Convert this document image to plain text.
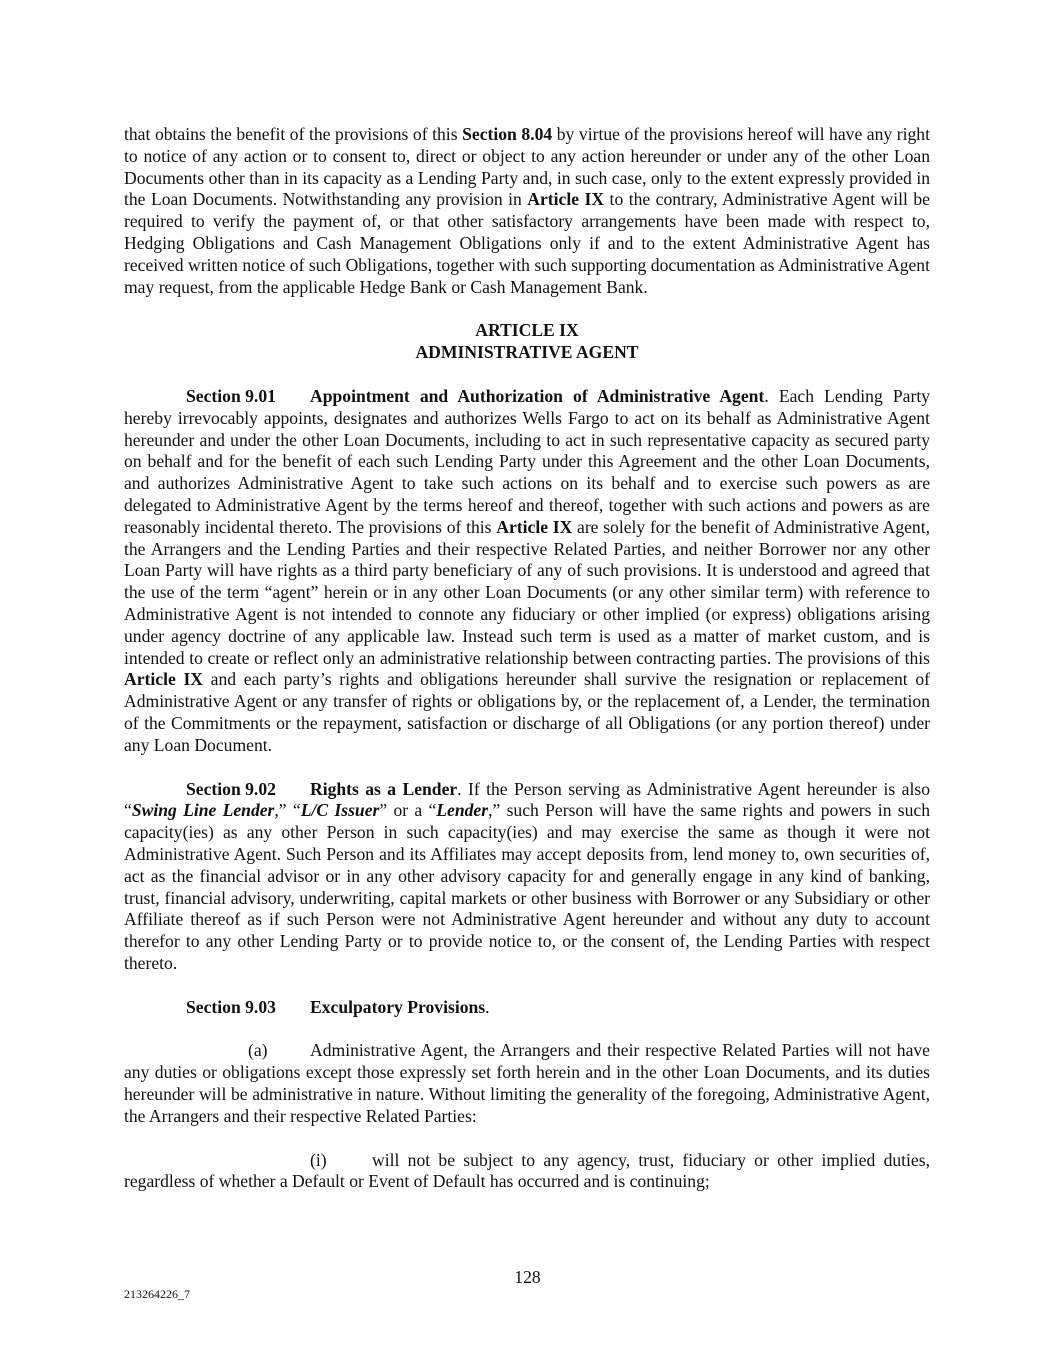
that obtains the benefit of the provisions of this Section 8.04 by virtue of the provisions hereof will have any right to notice of any action or to consent to, direct or object to any action hereunder or under any of the other Loan Documents other than in its capacity as a Lending Party and, in such case, only to the extent expressly provided in the Loan Documents. Notwithstanding any provision in Article IX to the contrary, Administrative Agent will be required to verify the payment of, or that other satisfactory arrangements have been made with respect to, Hedging Obligations and Cash Management Obligations only if and to the extent Administrative Agent has received written notice of such Obligations, together with such supporting documentation as Administrative Agent may request, from the applicable Hedge Bank or Cash Management Bank.

ARTICLE IX

ADMINISTRATIVE AGENT

Section 9.01 Appointment and Authorization of Administrative Agent. Each Lending Party hereby irrevocably appoints, designates and authorizes Wells Fargo to act on its behalf as Administrative Agent hereunder and under the other Loan Documents, including to act in such representative capacity as secured party on behalf and for the benefit of each such Lending Party under this Agreement and the other Loan Documents, and authorizes Administrative Agent to take such actions on its behalf and to exercise such powers as are delegated to Administrative Agent by the terms hereof and thereof, together with such actions and powers as are reasonably incidental thereto. The provisions of this Article IX are solely for the benefit of Administrative Agent, the Arrangers and the Lending Parties and their respective Related Parties, and neither Borrower nor any other Loan Party will have rights as a third party beneficiary of any of such provisions. It is understood and agreed that the use of the term “agent” herein or in any other Loan Documents (or any other similar term) with reference to Administrative Agent is not intended to connote any fiduciary or other implied (or express) obligations arising under agency doctrine of any applicable law. Instead such term is used as a matter of market custom, and is intended to create or reflect only an administrative relationship between contracting parties. The provisions of this Article IX and each party’s rights and obligations hereunder shall survive the resignation or replacement of Administrative Agent or any transfer of rights or obligations by, or the replacement of, a Lender, the termination of the Commitments or the repayment, satisfaction or discharge of all Obligations (or any portion thereof) under any Loan Document.

Section 9.02 Rights as a Lender. If the Person serving as Administrative Agent hereunder is also “Swing Line Lender,” “L/C Issuer” or a “Lender,” such Person will have the same rights and powers in such capacity(ies) as any other Person in such capacity(ies) and may exercise the same as though it were not Administrative Agent. Such Person and its Affiliates may accept deposits from, lend money to, own securities of, act as the financial advisor or in any other advisory capacity for and generally engage in any kind of banking, trust, financial advisory, underwriting, capital markets or other business with Borrower or any Subsidiary or other Affiliate thereof as if such Person were not Administrative Agent hereunder and without any duty to account therefor to any other Lending Party or to provide notice to, or the consent of, the Lending Parties with respect thereto.

Section 9.03 Exculpatory Provisions.

(a) Administrative Agent, the Arrangers and their respective Related Parties will not have any duties or obligations except those expressly set forth herein and in the other Loan Documents, and its duties hereunder will be administrative in nature. Without limiting the generality of the foregoing, Administrative Agent, the Arrangers and their respective Related Parties:

(i)	will not be subject to any agency, trust, fiduciary or other implied duties, regardless of whether a Default or Event of Default has occurred and is continuing;

128
213264226_7
